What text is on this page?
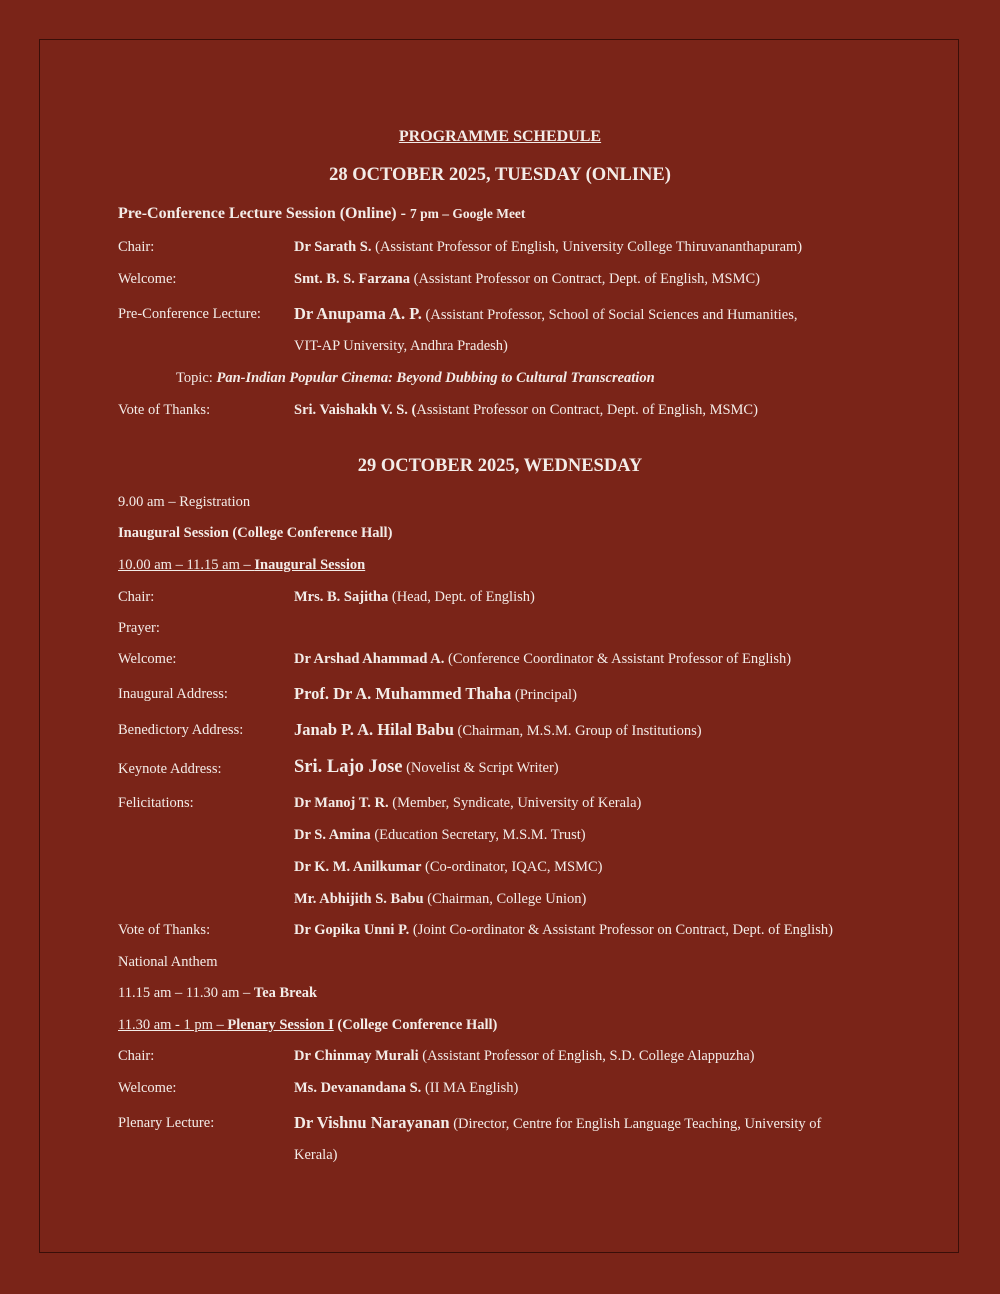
PROGRAMME SCHEDULE
28 OCTOBER 2025, TUESDAY (ONLINE)
Pre-Conference Lecture Session (Online) - 7 pm – Google Meet
Chair:	Dr Sarath S. (Assistant Professor of English, University College Thiruvananthapuram)
Welcome:	Smt. B. S. Farzana (Assistant Professor on Contract, Dept. of English, MSMC)
Pre-Conference Lecture: Dr Anupama A. P. (Assistant Professor, School of Social Sciences and Humanities,
VIT-AP University, Andhra Pradesh)
Topic: Pan-Indian Popular Cinema: Beyond Dubbing to Cultural Transcreation
Vote of Thanks:	Sri. Vaishakh V. S. (Assistant Professor on Contract, Dept. of English, MSMC)
29 OCTOBER 2025, WEDNESDAY
9.00 am – Registration
Inaugural Session (College Conference Hall)
10.00 am – 11.15 am – Inaugural Session
Chair:	Mrs. B. Sajitha (Head, Dept. of English)
Prayer:
Welcome:	Dr Arshad Ahammad A. (Conference Coordinator & Assistant Professor of English)
Inaugural Address:	Prof. Dr A. Muhammed Thaha (Principal)
Benedictory Address:	Janab P. A. Hilal Babu (Chairman, M.S.M. Group of Institutions)
Keynote Address:	Sri. Lajo Jose (Novelist & Script Writer)
Felicitations:	Dr Manoj T. R. (Member, Syndicate, University of Kerala)
Dr S. Amina (Education Secretary, M.S.M. Trust)
Dr K. M. Anilkumar (Co-ordinator, IQAC, MSMC)
Mr. Abhijith S. Babu (Chairman, College Union)
Vote of Thanks:	Dr Gopika Unni P. (Joint Co-ordinator & Assistant Professor on Contract, Dept. of English)
National Anthem
11.15 am – 11.30 am – Tea Break
11.30 am - 1 pm – Plenary Session I (College Conference Hall)
Chair:	Dr Chinmay Murali (Assistant Professor of English, S.D. College Alappuzha)
Welcome:	Ms. Devanandana S. (II MA English)
Plenary Lecture:	Dr Vishnu Narayanan (Director, Centre for English Language Teaching, University of
Kerala)
